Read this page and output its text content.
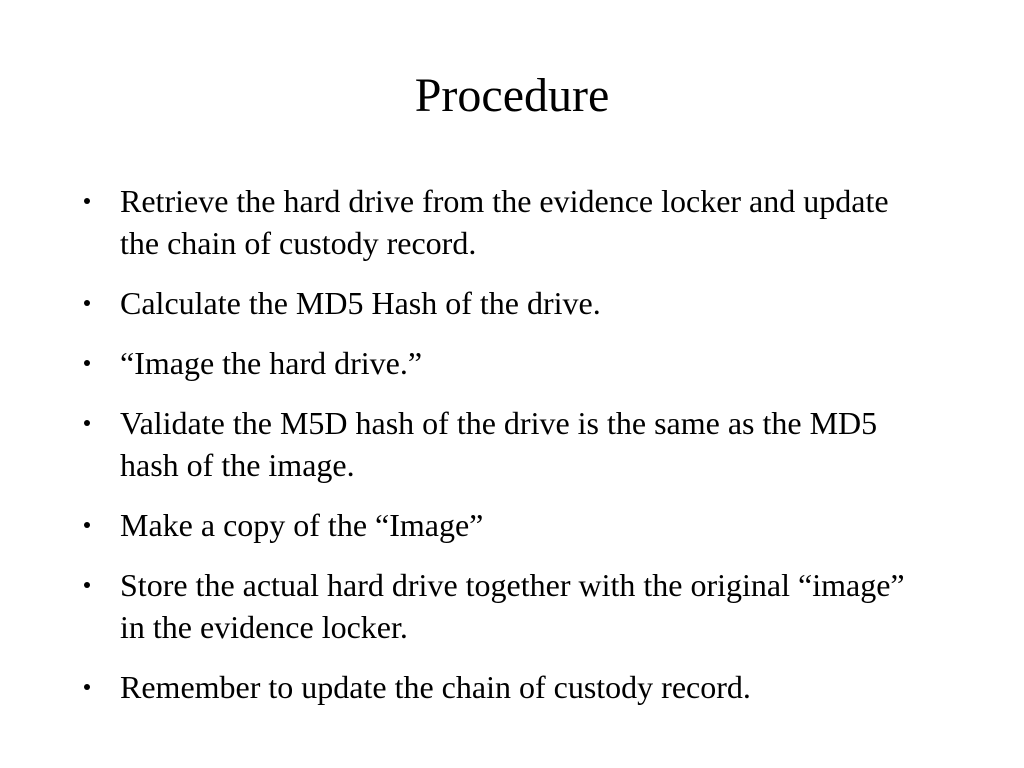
Procedure
Retrieve the hard drive from the evidence locker and update the chain of custody record.
Calculate the MD5 Hash of the drive.
“Image the hard drive.”
Validate the M5D hash of the drive is the same as the MD5 hash of the image.
Make a copy of the “Image”
Store the actual hard drive together with the original “image” in the evidence locker.
Remember to update the chain of custody record.
